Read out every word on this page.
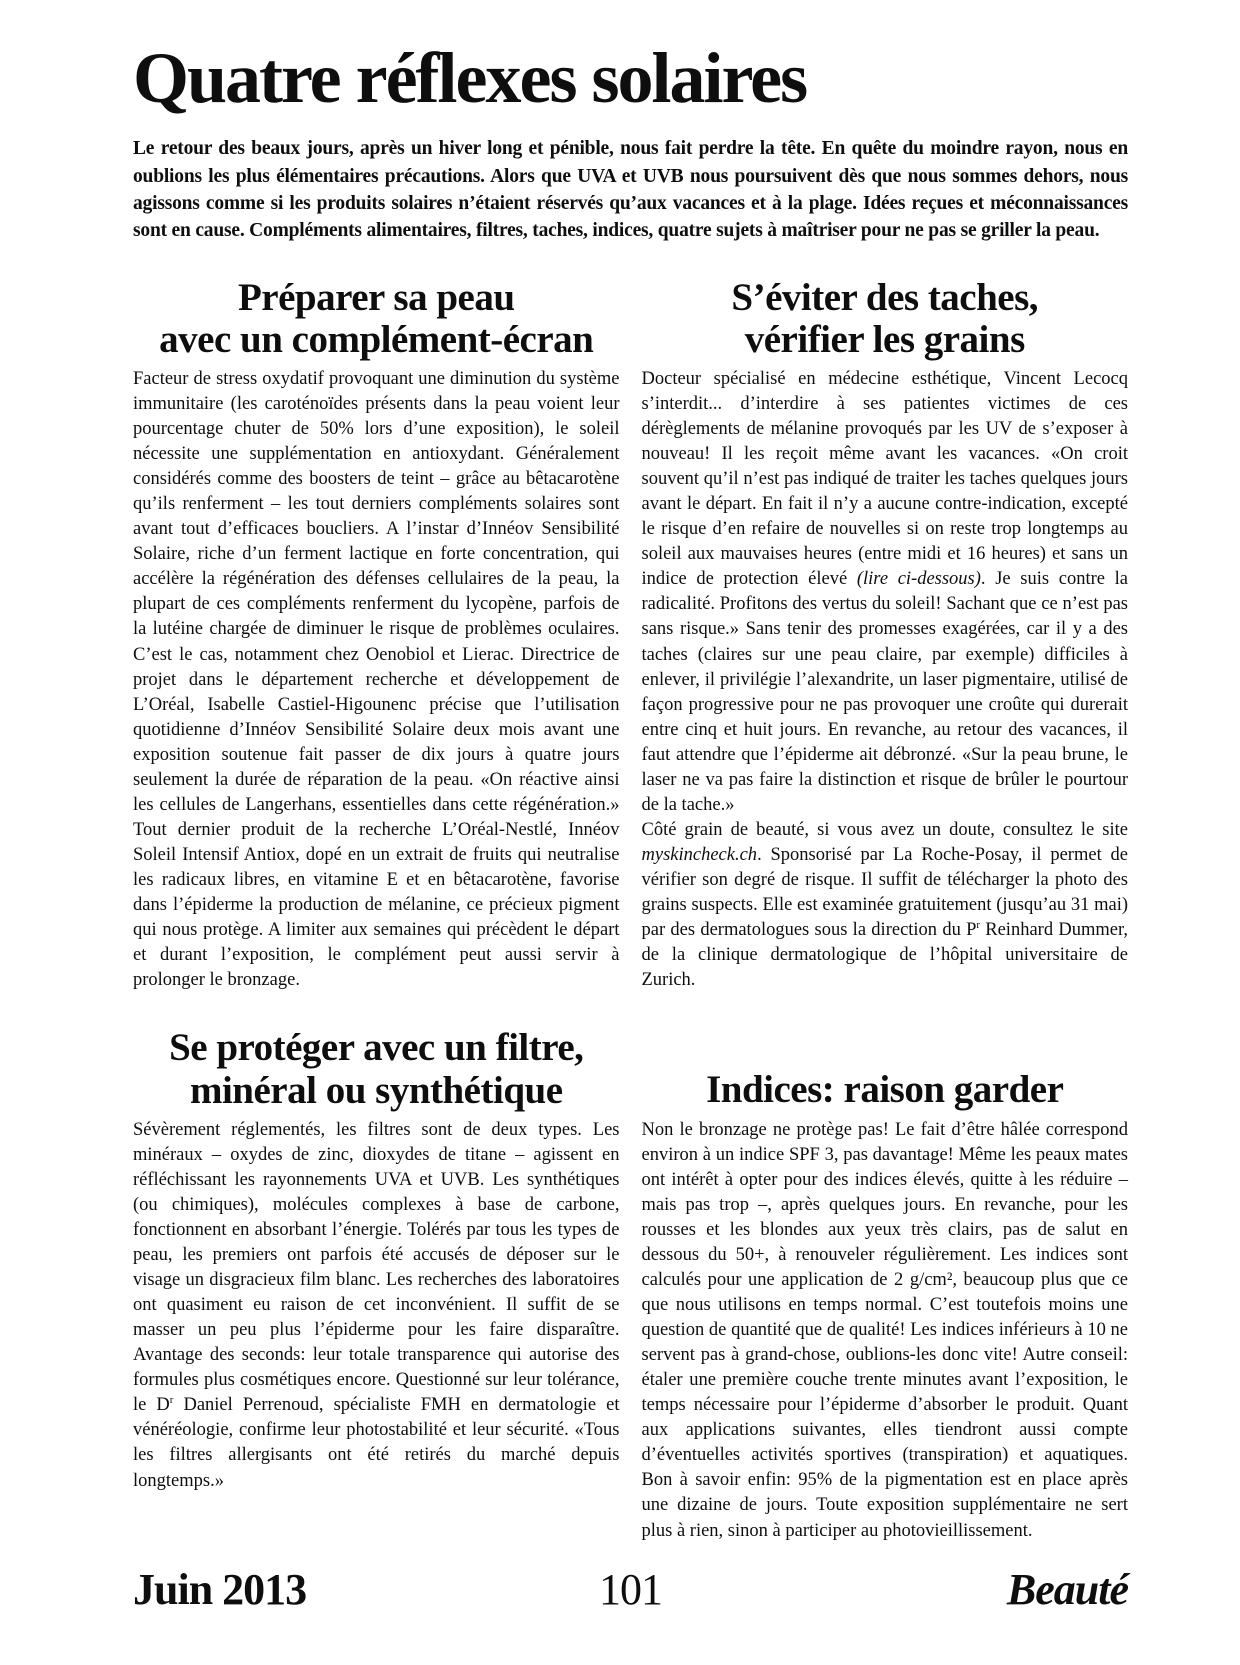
Quatre réflexes solaires

Le retour des beaux jours, après un hiver long et pénible, nous fait perdre la tête. En quête du moindre rayon, nous en oublions les plus élémentaires précautions. Alors que UVA et UVB nous poursuivent dès que nous sommes dehors, nous agissons comme si les produits solaires n’étaient réservés qu’aux vacances et à la plage. Idées reçues et méconnaissances sont en cause. Compléments alimentaires, filtres, taches, indices, quatre sujets à maîtriser pour ne pas se griller la peau.

Préparer sa peau
avec un complément-écran

Facteur de stress oxydatif provoquant une diminution du système immunitaire (les caroténoïdes présents dans la peau voient leur pourcentage chuter de 50% lors d’une exposition), le soleil nécessite une supplémentation en antioxydant. Généralement considérés comme des boosters de teint – grâce au bêtacarotène qu’ils renferment – les tout derniers compléments solaires sont avant tout d’efficaces boucliers. A l’instar d’Innéov Sensibilité Solaire, riche d’un ferment lactique en forte concentration, qui accélère la régénération des défenses cellulaires de la peau, la plupart de ces compléments renferment du lycopène, parfois de la lutéine chargée de diminuer le risque de problèmes oculaires. C’est le cas, notamment chez Oenobiol et Lierac. Directrice de projet dans le département recherche et développement de L’Oréal, Isabelle Castiel-Higounenc précise que l’utilisation quotidienne d’Innéov Sensibilité Solaire deux mois avant une exposition soutenue fait passer de dix jours à quatre jours seulement la durée de réparation de la peau. «On réactive ainsi les cellules de Langerhans, essentielles dans cette régénération.» Tout dernier produit de la recherche L’Oréal-Nestlé, Innéov Soleil Intensif Antiox, dopé en un extrait de fruits qui neutralise les radicaux libres, en vitamine E et en bêtacarotène, favorise dans l’épiderme la production de mélanine, ce précieux pigment qui nous protège. A limiter aux semaines qui précèdent le départ et durant l’exposition, le complément peut aussi servir à prolonger le bronzage.

Se protéger avec un filtre,
minéral ou synthétique

Sévèrement réglementés, les filtres sont de deux types. Les minéraux – oxydes de zinc, dioxydes de titane – agissent en réfléchissant les rayonnements UVA et UVB. Les synthétiques (ou chimiques), molécules complexes à base de carbone, fonctionnent en absorbant l’énergie. Tolérés par tous les types de peau, les premiers ont parfois été accusés de déposer sur le visage un disgracieux film blanc. Les recherches des laboratoires ont quasiment eu raison de cet inconvénient. Il suffit de se masser un peu plus l’épiderme pour les faire disparaître. Avantage des seconds: leur totale transparence qui autorise des formules plus cosmétiques encore. Questionné sur leur tolérance, le $D^r$ Daniel Perrenoud, spécialiste FMH en dermatologie et vénéréologie, confirme leur photostabilité et leur sécurité. «Tous les filtres allergisants ont été retirés du marché depuis longtemps.»

S’éviter des taches,
vérifier les grains

Docteur spécialisé en médecine esthétique, Vincent Lecocq s’interdit... d’interdire à ses patientes victimes de ces dérèglements de mélanine provoqués par les UV de s’exposer à nouveau! Il les reçoit même avant les vacances. «On croit souvent qu’il n’est pas indiqué de traiter les taches quelques jours avant le départ. En fait il n’y a aucune contre-indication, excepté le risque d’en refaire de nouvelles si on reste trop longtemps au soleil aux mauvaises heures (entre midi et 16 heures) et sans un indice de protection élevé (lire ci-dessous). Je suis contre la radicalité. Profitons des vertus du soleil! Sachant que ce n’est pas sans risque.» Sans tenir des promesses exagérées, car il y a des taches (claires sur une peau claire, par exemple) difficiles à enlever, il privilégie l’alexandrite, un laser pigmentaire, utilisé de façon progressive pour ne pas provoquer une croûte qui durerait entre cinq et huit jours. En revanche, au retour des vacances, il faut attendre que l’épiderme ait débronzé. «Sur la peau brune, le laser ne va pas faire la distinction et risque de brûler le pourtour de la tache.»

Côté grain de beauté, si vous avez un doute, consultez le site myskincheck.ch. Sponsorisé par La Roche-Posay, il permet de vérifier son degré de risque. Il suffit de télécharger la photo des grains suspects. Elle est examinée gratuitement (jusqu’au 31 mai) par des dermatologues sous la direction du $P^r$ Reinhard Dummer, de la clinique dermatologique de l’hôpital universitaire de Zurich.

Indices: raison garder

Non le bronzage ne protège pas! Le fait d’être hâlée correspond environ à un indice SPF 3, pas davantage! Même les peaux mates ont intérêt à opter pour des indices élevés, quitte à les réduire – mais pas trop –, après quelques jours. En revanche, pour les rousses et les blondes aux yeux très clairs, pas de salut en dessous du 50+, à renouveler régulièrement. Les indices sont calculés pour une application de 2 g/cm², beaucoup plus que ce que nous utilisons en temps normal. C’est toutefois moins une question de quantité que de qualité! Les indices inférieurs à 10 ne servent pas à grand-chose, oublions-les donc vite! Autre conseil: étaler une première couche trente minutes avant l’exposition, le temps nécessaire pour l’épiderme d’absorber le produit. Quant aux applications suivantes, elles tiendront aussi compte d’éventuelles activités sportives (transpiration) et aquatiques. Bon à savoir enfin: 95% de la pigmentation est en place après une dizaine de jours. Toute exposition supplémentaire ne sert plus à rien, sinon à participer au photovieillissement.

Juin 2013	101	Beauté
